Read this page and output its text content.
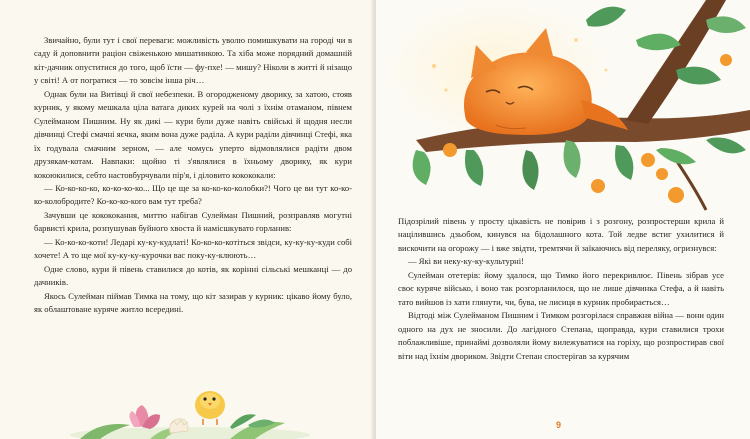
Звичайно, були тут і свої переваги: можливість уволю помишкувати на городі чи в саду й доповнити раціон свіженькою мишатинкою. Та хіба може порядний домашній кіт-дачник опуститися до того, щоб їсти — фу-пхе! — мишу? Ніколи в житті й нізащо у світі! А от погратися — то зовсім інша річ…

Однак були на Витівці й свої небезпеки. В огородженому дворику, за хатою, стояв курник, у якому мешкала ціла ватага диких курей на чолі з їхнім отаманом, півнем Сулейманом Пишним. Ну як дикі — кури були дуже навіть свійські й щодня несли дівчинці Стефі смачні яєчка, яким вона дуже раділа. А кури раділи дівчинці Стефі, яка їх годувала смачним зерном, — але чомусь уперто відмовлялися радіти двом друзякам-котам. Навпаки: щойно ті з'являлися в їхньому дворику, як кури кокоюкилися, себто настовбурчували пір'я, і діловито кокококали:

— Ко-ко-ко-ко, ко-ко-ко-ко... Що це ще за ко-ко-ко-колобки?! Чого це ви тут ко-ко-ко-колобродите? Ко-ко-ко-кого вам тут треба?

Зачувши це кокококання, миттю набігав Сулейман Пишний, розправляв могутні барвисті крила, розпушував буйного хвоста й намісшкувато горланив:

— Ко-ко-ко-коти! Ледарі ку-ку-кудлаті! Ко-ко-ко-котіться звідси, ку-ку-ку-куди собі хочете! А то ще мої ку-ку-ку-курочки вас поку-ку-клюють…

Одне слово, кури й півень ставилися до котів, як корінні сільські мешканці — до дачників.

Якось Сулейман піймав Тимка на тому, що кіт зазирав у курник: цікаво йому було, як облаштоване куряче житло всередині.

Підозрілий півень у просту цікавість не повірив і з розгону, розпростерши крила й націлившись дзьобом, кинувся на бідолашного кота. Той ледве встиг ухилитися й вискочити на огорожу — і вже звідти, тремтячи й заїкаючись від переляку, огризнувся:

— Які ви неку-ку-ку-культурні!

Сулейман отетерів: йому здалося, що Тимко його перекривлює. Півень зібрав усе своє куряче військо, і воно так розгорланилося, що не лише дівчинка Стефа, а й навіть тато вийшов із хати глянути, чи, бува, не лисиця в курник пробирається…

Відтоді між Сулейманом Пишним і Тимком розгорілася справжня війна — вони один одного на дух не зносили. До лагідного Степана, щоправда, кури ставилися трохи поблажливіше, принаймі дозволяли йому вилежуватися на горіху, що розпростирав свої віти над їхнім двориком. Звідти Степан спостерігав за курячим

9
